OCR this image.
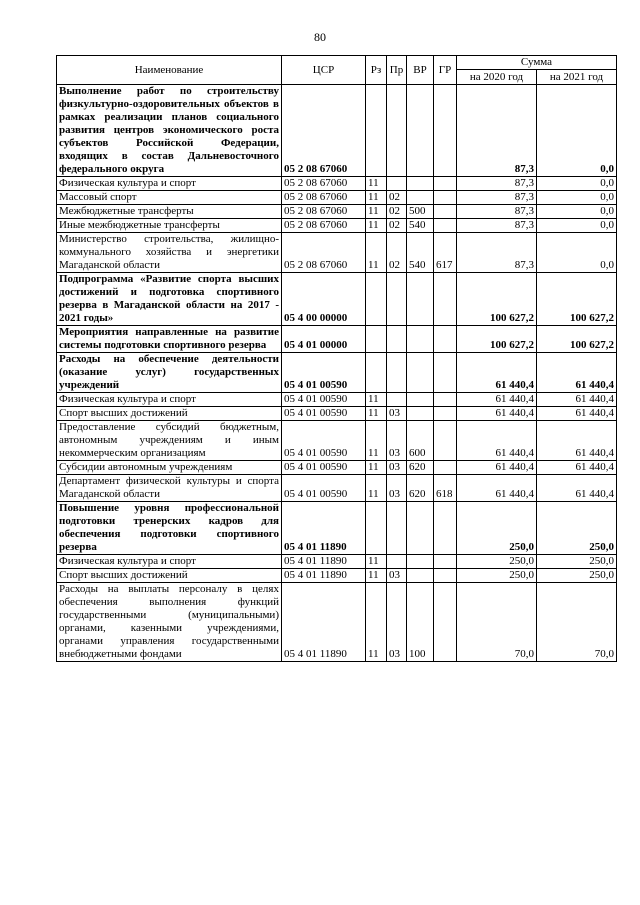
80
Наименование	ЦСР	Рз	Пр	ВР	ГР	Сумма	
						на 2020 год	на 2021 год
Выполнение работ по строительству физкультурно-оздоровительных объектов в рамках реализации планов социального развития центров экономического роста субъектов Российской Федерации, входящих в состав Дальневосточного федерального округа	05 2 08 67060					87,3	0,0
Физическая культура и спорт	05 2 08 67060	11				87,3	0,0
Массовый спорт	05 2 08 67060	11	02			87,3	0,0
Межбюджетные трансферты	05 2 08 67060	11	02	500		87,3	0,0
Иные межбюджетные трансферты	05 2 08 67060	11	02	540		87,3	0,0
Министерство строительства, жилищно-коммунального хозяйства и энергетики Магаданской области	05 2 08 67060	11	02	540	617	87,3	0,0
Подпрограмма «Развитие спорта высших достижений и подготовка спортивного резерва в Магаданской области на 2017 - 2021 годы»	05 4 00 00000					100 627,2	100 627,2
Мероприятия направленные на развитие системы подготовки спортивного резерва	05 4 01 00000					100 627,2	100 627,2
Расходы на обеспечение деятельности (оказание услуг) государственных учреждений	05 4 01 00590					61 440,4	61 440,4
Физическая культура и спорт	05 4 01 00590	11				61 440,4	61 440,4
Спорт высших достижений	05 4 01 00590	11	03			61 440,4	61 440,4
Предоставление субсидий бюджетным, автономным учреждениям и иным некоммерческим организациям	05 4 01 00590	11	03	600		61 440,4	61 440,4
Субсидии автономным учреждениям	05 4 01 00590	11	03	620		61 440,4	61 440,4
Департамент физической культуры и спорта Магаданской области	05 4 01 00590	11	03	620	618	61 440,4	61 440,4
Повышение уровня профессиональной подготовки тренерских кадров для обеспечения подготовки спортивного резерва	05 4 01 11890					250,0	250,0
Физическая культура и спорт	05 4 01 11890	11				250,0	250,0
Спорт высших достижений	05 4 01 11890	11	03			250,0	250,0
Расходы на выплаты персоналу в целях обеспечения выполнения функций государственными (муниципальными) органами, казенными учреждениями, органами управления государственными внебюджетными фондами	05 4 01 11890	11	03	100		70,0	70,0
